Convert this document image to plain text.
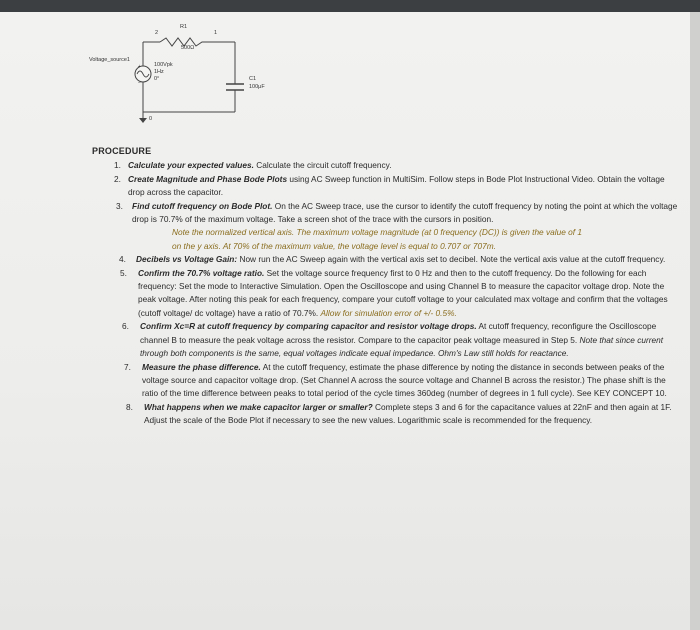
+
−
Voltage_source1
100Vpk
1Hz
0°
R1
500Ω
C1
100μF
2	1
0
PROCEDURE
1. Calculate your expected values. Calculate the circuit cutoff frequency.
2. Create Magnitude and Phase Bode Plots using AC Sweep function in MultiSim. Follow steps in Bode Plot Instructional Video. Obtain the voltage drop across the capacitor.
3. Find cutoff frequency on Bode Plot. On the AC Sweep trace, use the cursor to identify the cutoff frequency by noting the point at which the voltage drop is 70.7% of the maximum voltage. Take a screen shot of the trace with the cursors in position.
Note the normalized vertical axis. The maximum voltage magnitude (at 0 frequency (DC)) is given the value of 1 on the y axis. At 70% of the maximum value, the voltage level is equal to 0.707 or 707m.
4. Decibels vs Voltage Gain: Now run the AC Sweep again with the vertical axis set to decibel. Note the vertical axis value at the cutoff frequency.
5. Confirm the 70.7% voltage ratio. Set the voltage source frequency first to 0 Hz and then to the cutoff frequency. Do the following for each frequency: Set the mode to Interactive Simulation. Open the Oscilloscope and using Channel B to measure the capacitor voltage drop. Note the peak voltage. After noting this peak for each frequency, compare your cutoff voltage to your calculated max voltage and confirm that the voltages (cutoff voltage/ dc voltage) have a ratio of 70.7%. Allow for simulation error of +/- 0.5%.
6. Confirm Xc=R at cutoff frequency by comparing capacitor and resistor voltage drops. At cutoff frequency, reconfigure the Oscilloscope channel B to measure the peak voltage across the resistor. Compare to the capacitor peak voltage measured in Step 5. Note that since current through both components is the same, equal voltages indicate equal impedance. Ohm's Law still holds for reactance.
7. Measure the phase difference. At the cutoff frequency, estimate the phase difference by noting the distance in seconds between peaks of the voltage source and capacitor voltage drop. (Set Channel A across the source voltage and Channel B across the resistor.) The phase shift is the ratio of the time difference between peaks to total period of the cycle times 360deg (number of degrees in 1 full cycle). See KEY CONCEPT 10.
8. What happens when we make capacitor larger or smaller? Complete steps 3 and 6 for the capacitance values at 22nF and then again at 1F. Adjust the scale of the Bode Plot if necessary to see the new values. Logarithmic scale is recommended for the frequency.
